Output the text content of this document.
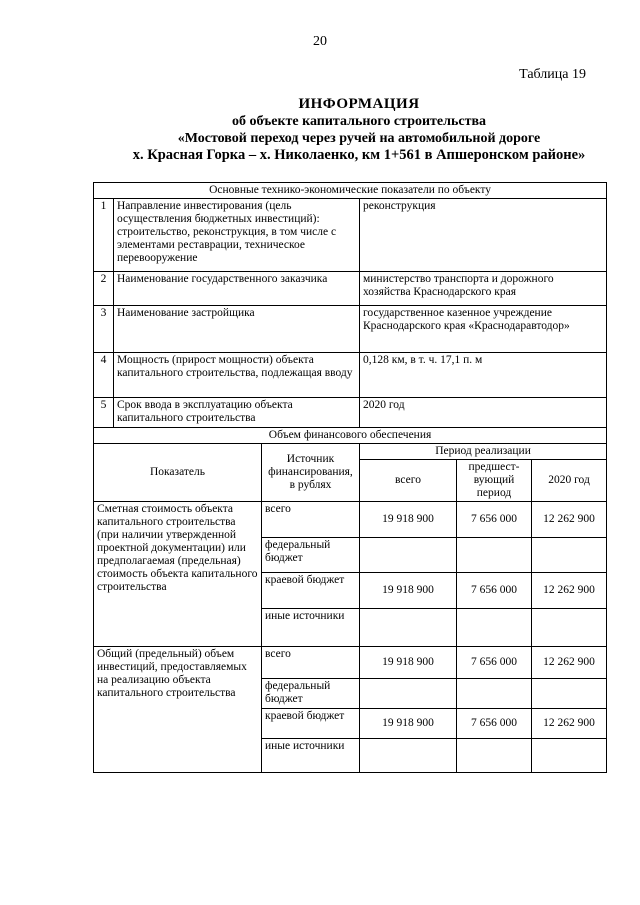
20
Таблица 19
ИНФОРМАЦИЯ
об объекте капитального строительства
«Мостовой переход через ручей на автомобильной дороге
х. Красная Горка – х. Николаенко, км 1+561 в Апшеронском районе»
Основные технико-экономические показатели по объекту					
1	Направление инвестирования (цель осуществления бюджетных инвестиций): строительство, реконструкция, в том числе с элементами реставрации, техническое перевооружение		реконструкция		
2	Наименование государственного заказчика		министерство транспорта и дорожного хозяйства Краснодарского края		
3	Наименование застройщика		государственное казенное учреждение Краснодарского края «Краснодаравтодор»		
4	Мощность (прирост мощности) объекта капитального строительства, подлежащая вводу		0,128 км, в т. ч. 17,1 п. м		
5	Срок ввода в эксплуатацию объекта капитального строительства		2020 год		
Объем финансового обеспечения					
Показатель		Источник финансирования, в рублях	Период реализации		
			всего	предшест-вующий период	2020 год
Сметная стоимость объекта капитального строительства (при наличии утвержденной проектной документации) или предполагаемая (предельная) стоимость объекта капитального строительства		всего	19 918 900	7 656 000	12 262 900
		федеральный бюджет			
		краевой бюджет	19 918 900	7 656 000	12 262 900
		иные источники			
Общий (предельный) объем инвестиций, предоставляемых на реализацию объекта капитального строительства		всего	19 918 900	7 656 000	12 262 900
		федеральный бюджет			
		краевой бюджет	19 918 900	7 656 000	12 262 900
		иные источники			
